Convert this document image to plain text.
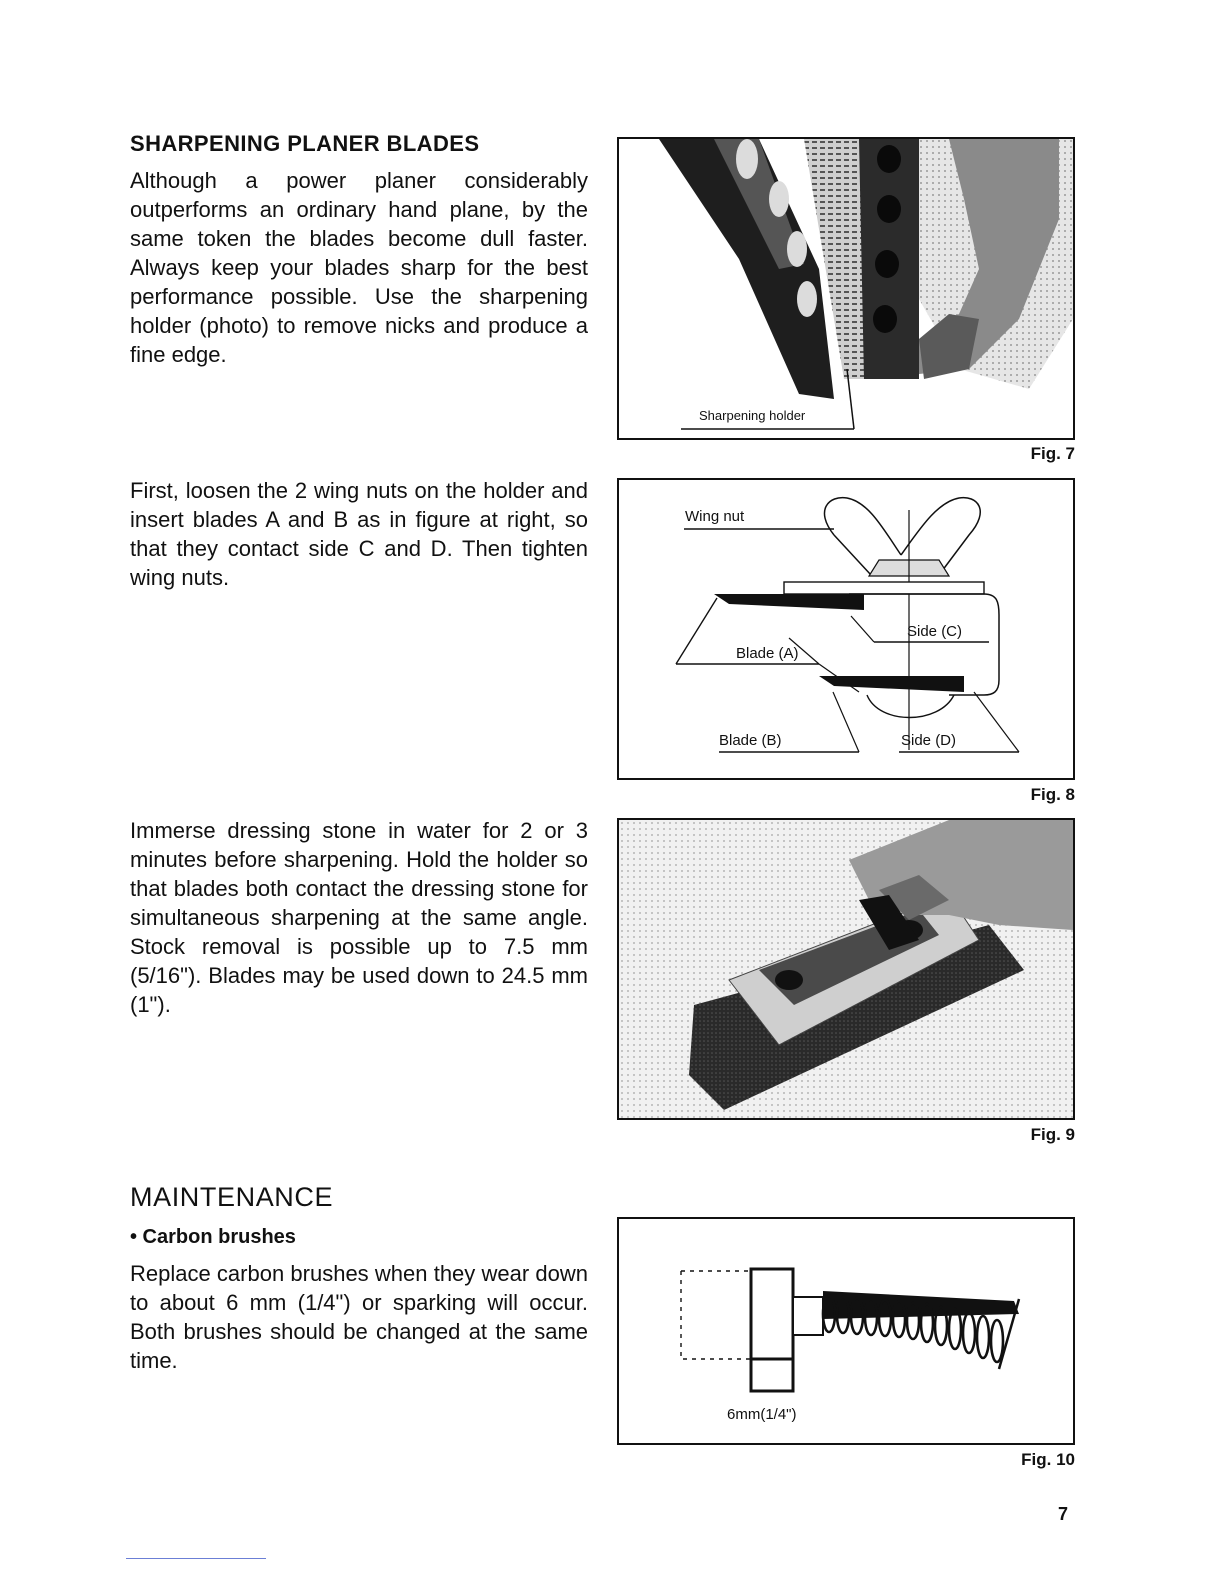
SHARPENING PLANER BLADES
Although a power planer considerably outperforms an ordinary hand plane, by the same token the blades become dull faster. Always keep your blades sharp for the best performance possible. Use the sharpening holder (photo) to remove nicks and produce a fine edge.
First, loosen the 2 wing nuts on the holder and insert blades A and B as in figure at right, so that they contact side C and D. Then tighten wing nuts.
Immerse dressing stone in water for 2 or 3 minutes before sharpening. Hold the holder so that blades both contact the dressing stone for simultaneous sharpening at the same angle. Stock removal is possible up to 7.5 mm (5/16"). Blades may be used down to 24.5 mm (1").
MAINTENANCE
• Carbon brushes
Replace carbon brushes when they wear down to about 6 mm (1/4") or sparking will occur. Both brushes should be changed at the same time.
Sharpening holder
Fig. 7
Wing nut
Side (C)
Blade (A)
Blade (B)	Side (D)
Fig. 8
Fig. 9
6mm(1/4")
Fig. 10
7
